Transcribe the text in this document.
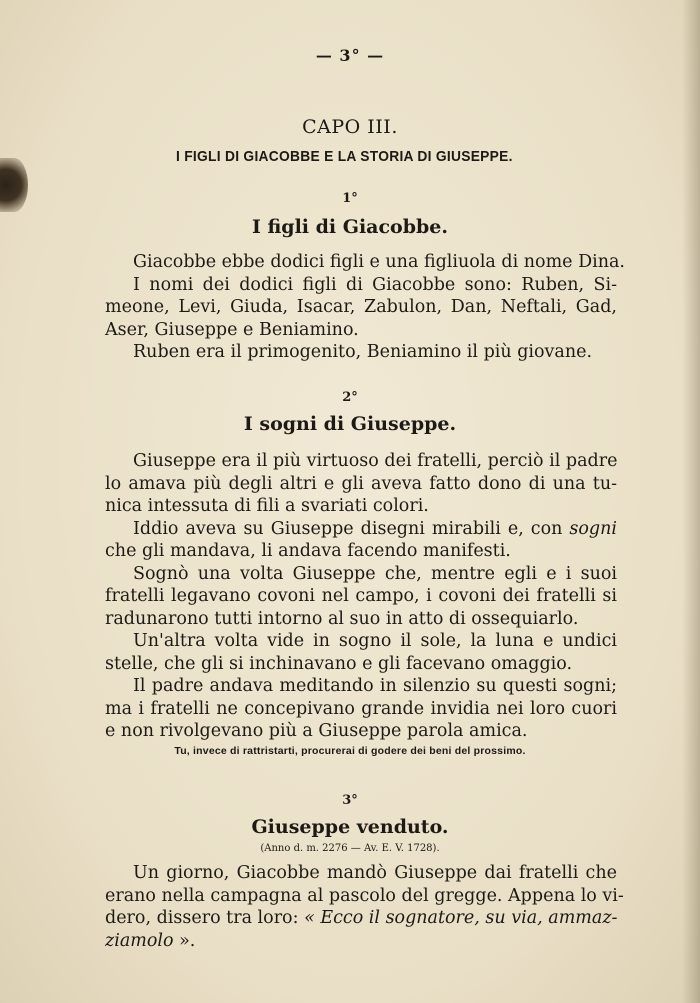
— 3° —
CAPO III.
I FIGLI DI GIACOBBE E LA STORIA DI GIUSEPPE.
1°
I figli di Giacobbe.
Giacobbe ebbe dodici figli e una figliuola di nome Dina.
I nomi dei dodici figli di Giacobbe sono: Ruben, Si-
meone, Levi, Giuda, Isacar, Zabulon, Dan, Neftali, Gad,
Aser, Giuseppe e Beniamino.
Ruben era il primogenito, Beniamino il più giovane.
2°
I sogni di Giuseppe.
Giuseppe era il più virtuoso dei fratelli, perciò il padre
lo amava più degli altri e gli aveva fatto dono di una tu-
nica intessuta di fili a svariati colori.
Iddio aveva su Giuseppe disegni mirabili e, con sogni
che gli mandava, li andava facendo manifesti.
Sognò una volta Giuseppe che, mentre egli e i suoi
fratelli legavano covoni nel campo, i covoni dei fratelli si
radunarono tutti intorno al suo in atto di ossequiarlo.
Un'altra volta vide in sogno il sole, la luna e undici
stelle, che gli si inchinavano e gli facevano omaggio.
Il padre andava meditando in silenzio su questi sogni;
ma i fratelli ne concepivano grande invidia nei loro cuori
e non rivolgevano più a Giuseppe parola amica.
Tu, invece di rattristarti, procurerai di godere dei beni del prossimo.
3°
Giuseppe venduto.
(Anno d. m. 2276 — Av. E. V. 1728).
Un giorno, Giacobbe mandò Giuseppe dai fratelli che
erano nella campagna al pascolo del gregge. Appena lo vi-
dero, dissero tra loro: « Ecco il sognatore, su via, ammaz-
ziamolo ».
